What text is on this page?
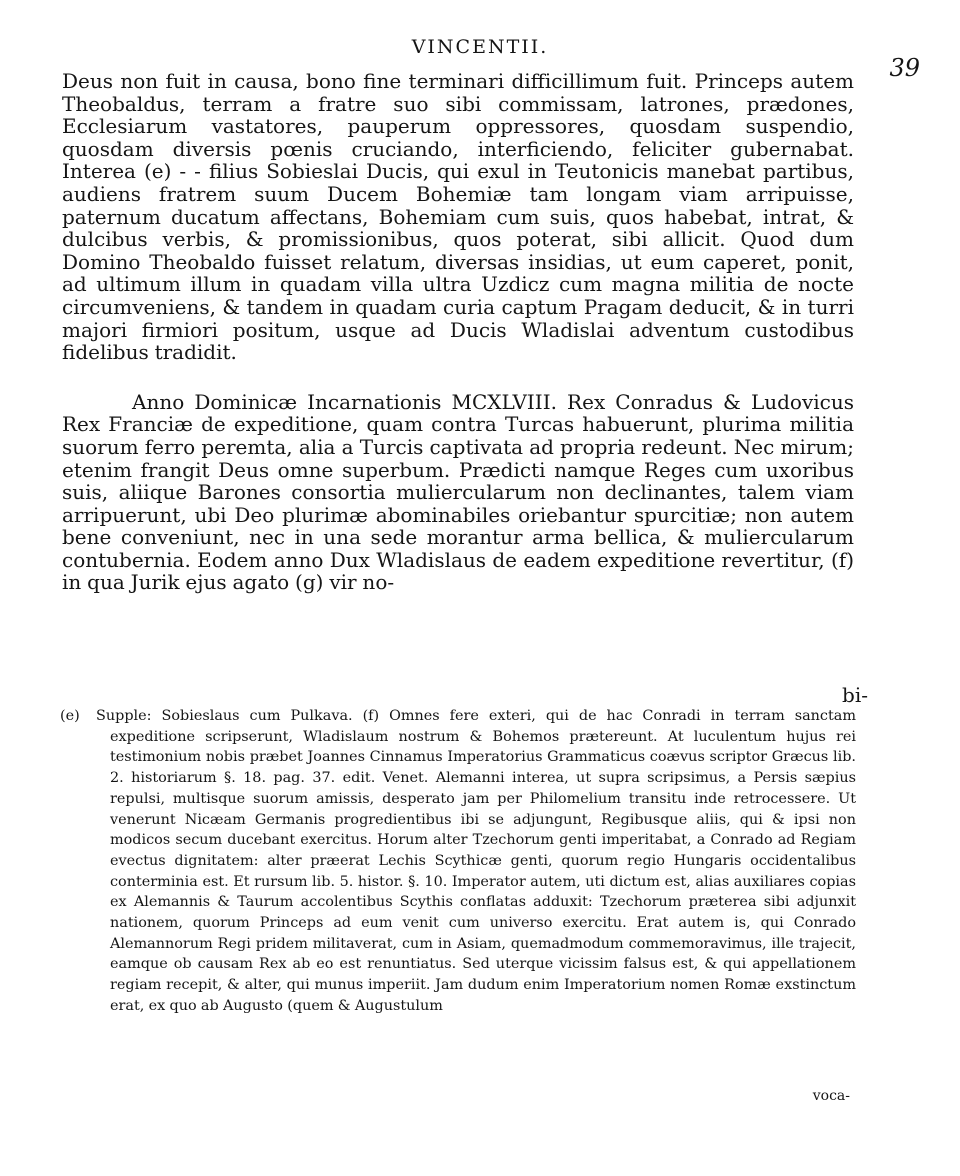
VINCENTII.
39

Deus non fuit in causa, bono fine terminari difficillimum fuit. Princeps autem Theobaldus, terram a fratre suo sibi commissam, latrones, prædones, Ecclesiarum vastatores, pauperum oppressores, quosdam suspendio, quosdam diversis pœnis cruciando, interficiendo, feliciter gubernabat. Interea (e) - - filius Sobieslai Ducis, qui exul in Teutonicis manebat partibus, audiens fratrem suum Ducem Bohemiæ tam longam viam arripuisse, paternum ducatum affectans, Bohemiam cum suis, quos habebat, intrat, & dulcibus verbis, & promissionibus, quos poterat, sibi allicit. Quod dum Domino Theobaldo fuisset relatum, diversas insidias, ut eum caperet, ponit, ad ultimum illum in quadam villa ultra Uzdicz cum magna militia de nocte circumveniens, & tandem in quadam curia captum Pragam deducit, & in turri majori firmiori positum, usque ad Ducis Wladislai adventum custodibus fidelibus tradidit.

Anno Dominicæ Incarnationis MCXLVIII. Rex Conradus & Ludovicus Rex Franciæ de expeditione, quam contra Turcas habuerunt, plurima militia suorum ferro peremta, alia a Turcis captivata ad propria redeunt. Nec mirum; etenim frangit Deus omne superbum. Prædicti namque Reges cum uxoribus suis, aliique Barones consortia muliercularum non declinantes, talem viam arripuerunt, ubi Deo plurimæ abominabiles oriebantur spurcitiæ; non autem bene conveniunt, nec in una sede morantur arma bellica, & muliercularum contubernia. Eodem anno Dux Wladislaus de eadem expeditione revertitur, (f) in qua Jurik ejus agato (g) vir no-

bi-

(e) Supple: Sobieslaus cum Pulkava. (f) Omnes fere exteri, qui de hac Conradi in terram sanctam expeditione scripserunt, Wladislaum nostrum & Bohemos prætereunt. At luculentum hujus rei testimonium nobis præbet Joannes Cinnamus Imperatorius Grammaticus coævus scriptor Græcus lib. 2. historiarum §. 18. pag. 37. edit. Venet. Alemanni interea, ut supra scripsimus, a Persis sæpius repulsi, multisque suorum amissis, desperato jam per Philomelium transitu inde retrocessere. Ut venerunt Nicæam Germanis progredientibus ibi se adjungunt, Regibusque aliis, qui & ipsi non modicos secum ducebant exercitus. Horum alter Tzechorum genti imperitabat, a Conrado ad Regiam evectus dignitatem: alter præerat Lechis Scythicæ genti, quorum regio Hungaris occidentalibus conterminia est. Et rursum lib. 5. histor. §. 10. Imperator autem, uti dictum est, alias auxiliares copias ex Alemannis & Taurum accolentibus Scythis conflatas adduxit: Tzechorum præterea sibi adjunxit nationem, quorum Princeps ad eum venit cum universo exercitu. Erat autem is, qui Conrado Alemannorum Regi pridem militaverat, cum in Asiam, quemadmodum commemoravimus, ille trajecit, eamque ob causam Rex ab eo est renuntiatus. Sed uterque vicissim falsus est, & qui appellationem regiam recepit, & alter, qui munus imperiit. Jam dudum enim Imperatorium nomen Romæ exstinctum erat, ex quo ab Augusto (quem & Augustulum

voca-
